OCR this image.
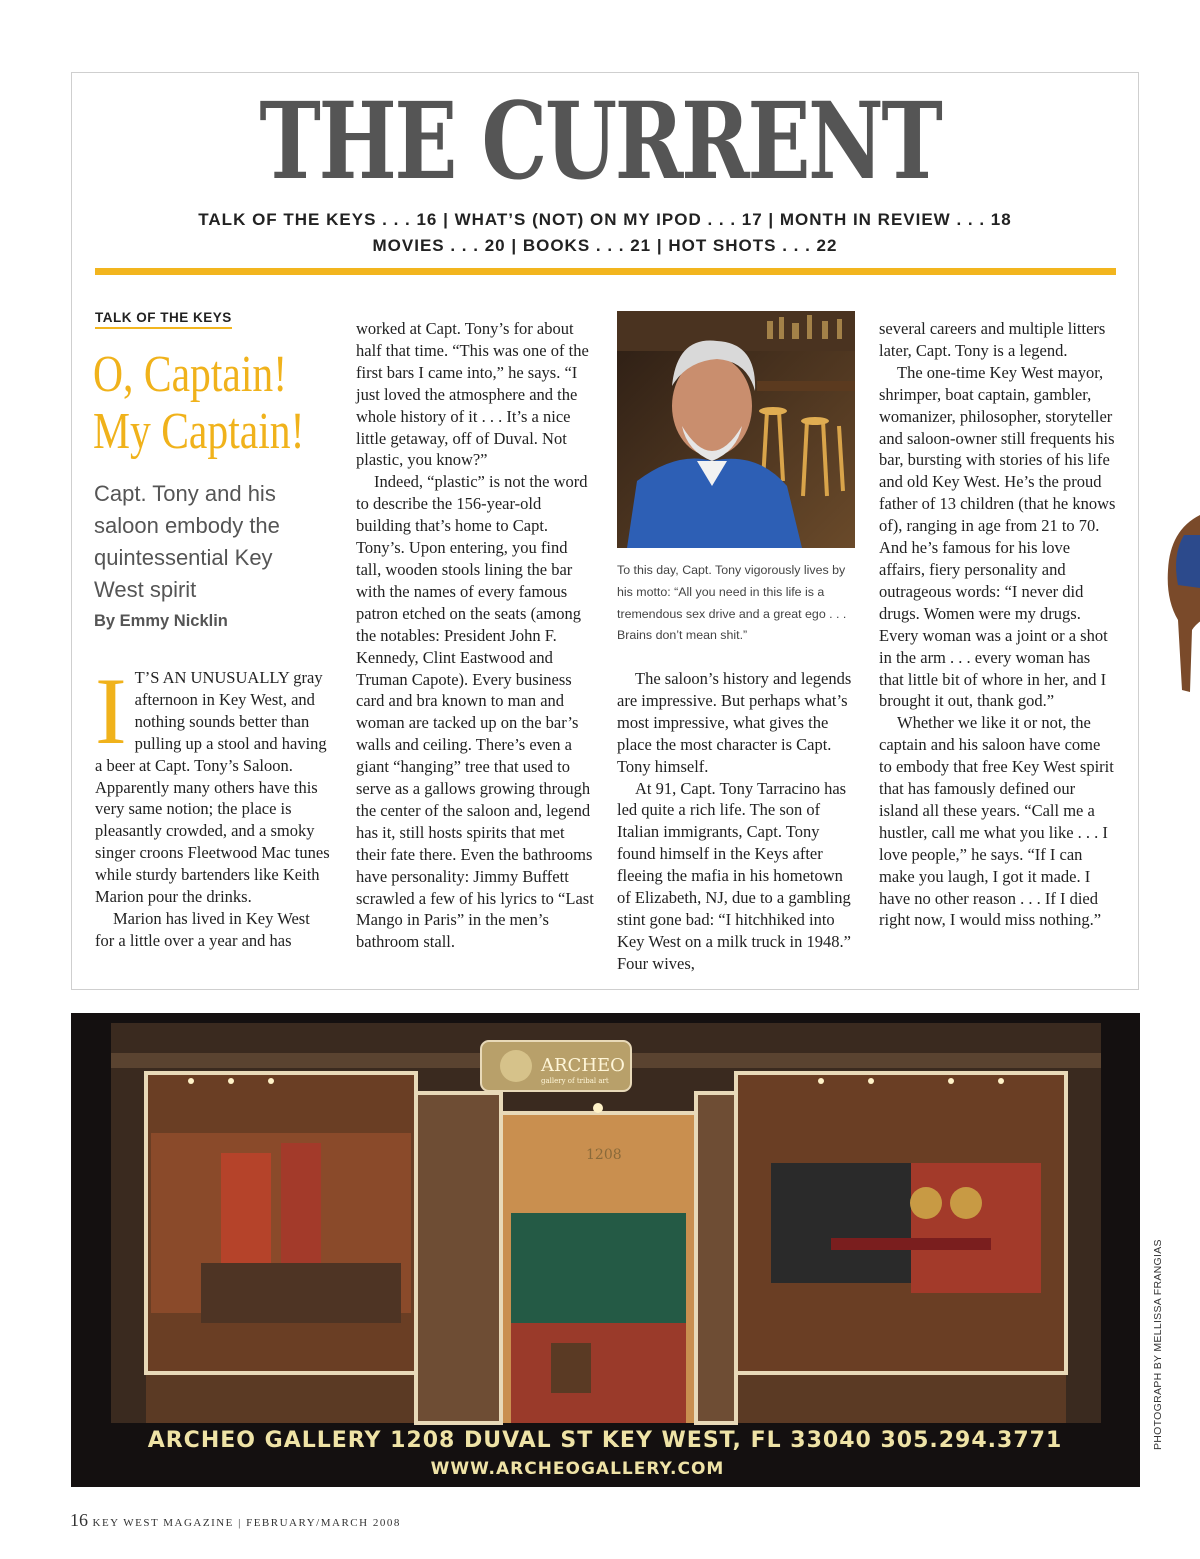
THE CURRENT
TALK OF THE KEYS . . . 16 | WHAT’S (NOT) ON MY IPOD . . . 17 | MONTH IN REVIEW . . . 18
MOVIES . . . 20 | BOOKS . . . 21 | HOT SHOTS . . . 22
TALK OF THE KEYS
O, Captain!
My Captain!
Capt. Tony and his saloon embody the quintessential Key West spirit
By Emmy Nicklin

I T’S AN UNUSUALLY gray afternoon in Key West, and nothing sounds better than pulling up a stool and having a beer at Capt. Tony’s Saloon. Apparently many others have this very same notion; the place is pleasantly crowded, and a smoky singer croons Fleetwood Mac tunes while sturdy bartenders like Keith Marion pour the drinks.

Marion has lived in Key West for a little over a year and has

worked at Capt. Tony’s for about half that time. “This was one of the first bars I came into,” he says. “I just loved the atmosphere and the whole history of it . . . It’s a nice little getaway, off of Duval. Not plastic, you know?”

Indeed, “plastic” is not the word to describe the 156-year-old building that’s home to Capt. Tony’s. Upon entering, you find tall, wooden stools lining the bar with the names of every famous patron etched on the seats (among the notables: President John F. Kennedy, Clint Eastwood and Truman Capote). Every business card and bra known to man and woman are tacked up on the bar’s walls and ceiling. There’s even a giant “hanging” tree that used to serve as a gallows growing through the center of the saloon and, legend has it, still hosts spirits that met their fate there. Even the bathrooms have personality: Jimmy Buffett scrawled a few of his lyrics to “Last Mango in Paris” in the men’s bathroom stall.

To this day, Capt. Tony vigorously lives by his motto: “All you need in this life is a tremendous sex drive and a great ego . . . Brains don’t mean shit.”

The saloon’s history and legends are impressive. But perhaps what’s most impressive, what gives the place the most character is Capt. Tony himself.

At 91, Capt. Tony Tarracino has led quite a rich life. The son of Italian immigrants, Capt. Tony found himself in the Keys after fleeing the mafia in his hometown of Elizabeth, NJ, due to a gambling stint gone bad: “I hitchhiked into Key West on a milk truck in 1948.” Four wives,

several careers and multiple litters later, Capt. Tony is a legend.

The one-time Key West mayor, shrimper, boat captain, gambler, womanizer, philosopher, storyteller and saloon-owner still frequents his bar, bursting with stories of his life and old Key West. He’s the proud father of 13 children (that he knows of), ranging in age from 21 to 70. And he’s famous for his love affairs, fiery personality and outrageous words: “I never did drugs. Women were my drugs. Every woman was a joint or a shot in the arm . . . every woman has that little bit of whore in her, and I brought it out, thank god.”

Whether we like it or not, the captain and his saloon have come to embody that free Key West spirit that has famously defined our island all these years. “Call me a hustler, call me what you like . . . I love people,” he says. “If I can make you laugh, I got it made. I have no other reason . . . If I died right now, I would miss nothing.”

ARCHEO
gallery of tribal art
1208
ARCHEO GALLERY 1208 DUVAL ST KEY WEST, FL 33040 305.294.3771
WWW.ARCHEOGALLERY.COM
PHOTOGRAPH BY MELLISSA FRANGIAS
16 KEY WEST MAGAZINE | FEBRUARY/MARCH 2008
